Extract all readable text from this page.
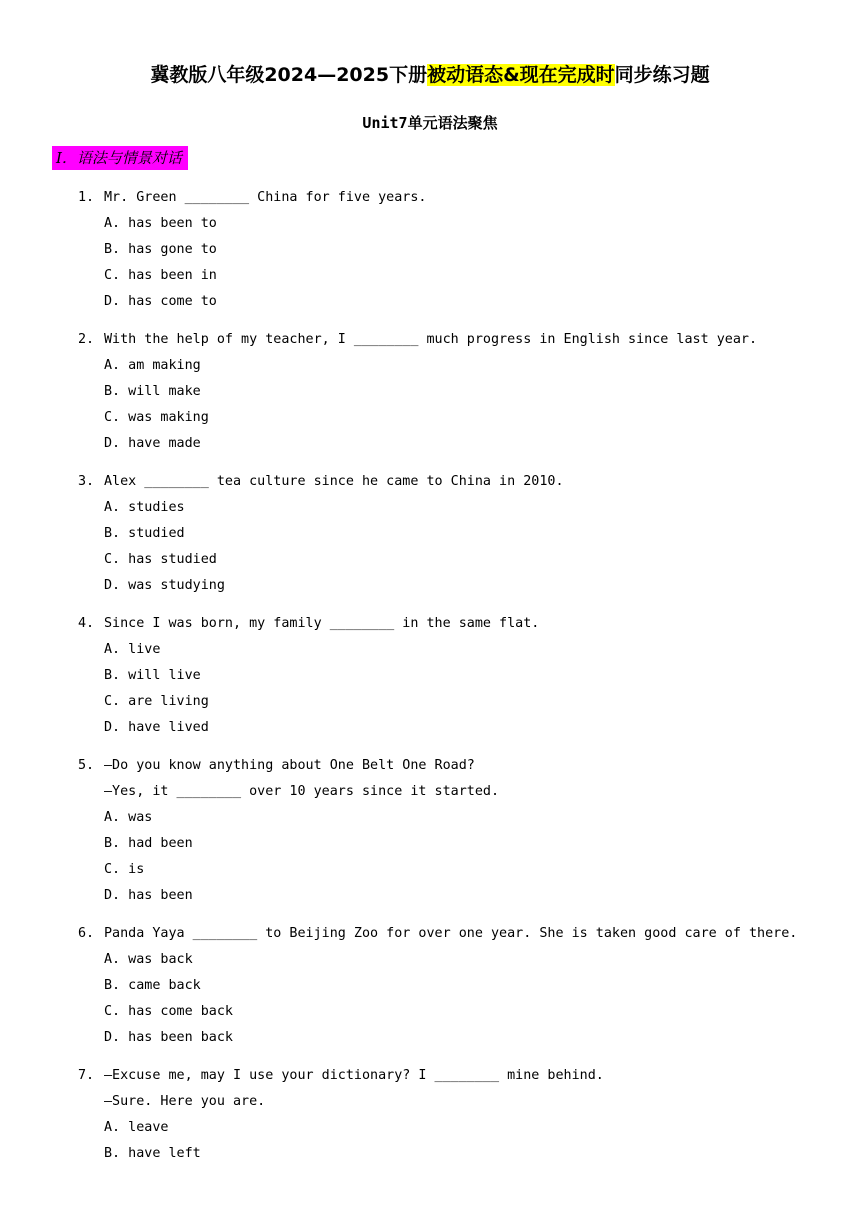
冀教版八年级2024—2025下册被动语态&现在完成时同步练习题
Unit7单元语法聚焦
I．语法与情景对话
1. Mr. Green ________ China for five years.
A. has been to
B. has gone to
C. has been in
D. has come to
2. With the help of my teacher, I ________ much progress in English since last year.
A. am making
B. will make
C. was making
D. have made
3. Alex ________ tea culture since he came to China in 2010.
A. studies
B. studied
C. has studied
D. was studying
4. Since I was born, my family ________ in the same flat.
A. live
B. will live
C. are living
D. have lived
5. —Do you know anything about One Belt One Road?
—Yes, it ________ over 10 years since it started.
A. was
B. had been
C. is
D. has been
6. Panda Yaya ________ to Beijing Zoo for over one year. She is taken good care of there.
A. was back
B. came back
C. has come back
D. has been back
7. —Excuse me, may I use your dictionary? I ________ mine behind.
—Sure. Here you are.
A. leave
B. have left
